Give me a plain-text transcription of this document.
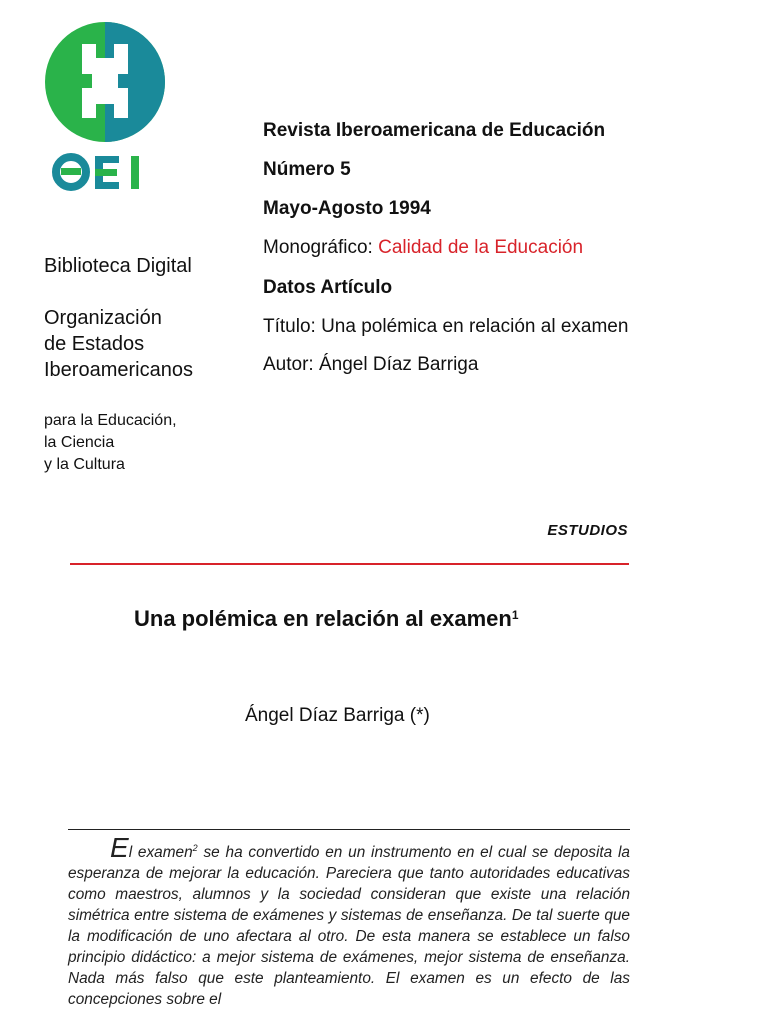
Biblioteca Digital
Organización
de Estados
Iberoamericanos
para la Educación,
la Ciencia
y la Cultura
Revista Iberoamericana de Educación
Número 5
Mayo-Agosto 1994
Monográfico: Calidad de la Educación
Datos Artículo
Título: Una polémica en relación al examen
Autor: Ángel Díaz Barriga
ESTUDIOS
Una polémica en relación al examen$^1$
Ángel Díaz Barriga (*)
El examen$^2$ se ha convertido en un instrumento en el cual se deposita la esperanza de mejorar la educación. Pareciera que tanto autoridades educativas como maestros, alumnos y la sociedad consideran que existe una relación simétrica entre sistema de exámenes y sistemas de enseñanza. De tal suerte que la modificación de uno afectara al otro. De esta manera se establece un falso principio didáctico: a mejor sistema de exámenes, mejor sistema de enseñanza. Nada más falso que este planteamiento. El examen es un efecto de las concepciones sobre el
